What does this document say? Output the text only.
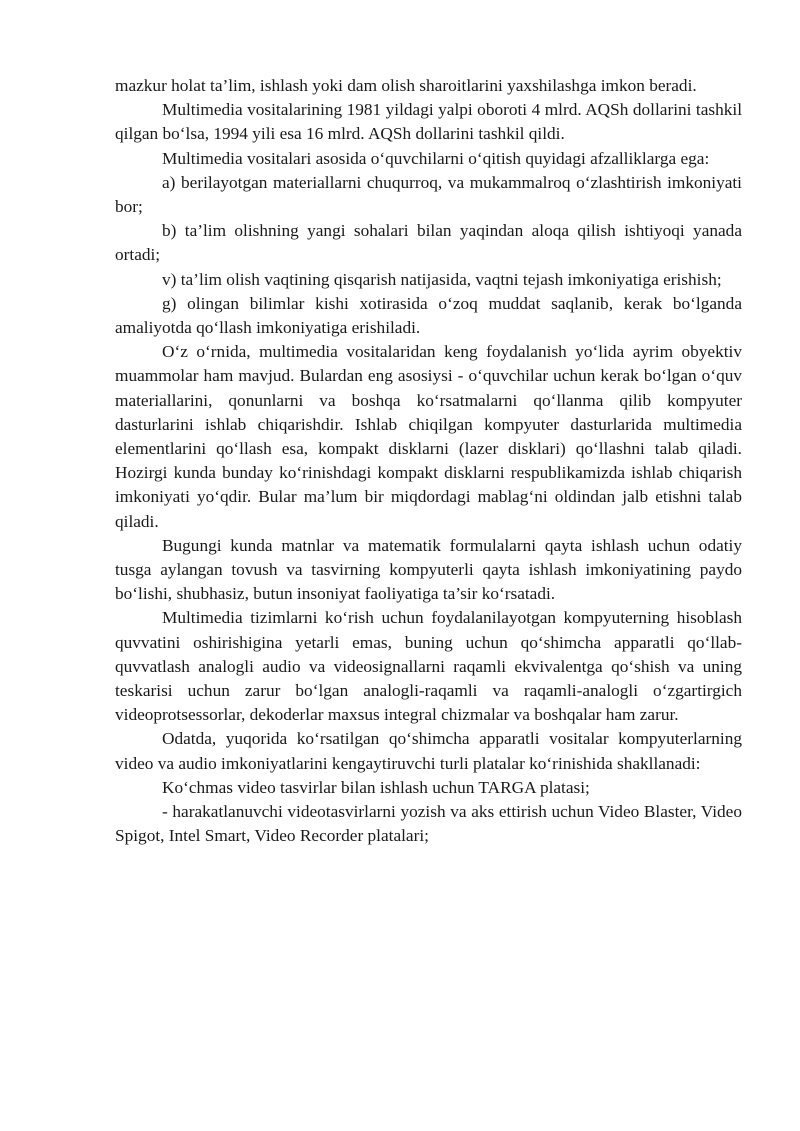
mazkur holat ta’lim, ishlash yoki dam olish sharoitlarini yaxshilashga imkon beradi.

Multimedia vositalarining 1981 yildagi yalpi oboroti 4 mlrd. AQSh dollarini tashkil qilgan bo‘lsa, 1994 yili esa 16 mlrd. AQSh dollarini tashkil qildi.

Multimedia vositalari asosida o‘quvchilarni o‘qitish quyidagi afzalliklarga ega:

a) berilayotgan materiallarni chuqurroq, va mukammalroq o‘zlashtirish imkoniyati bor;

b) ta’lim olishning yangi sohalari bilan yaqindan aloqa qilish ishtiyoqi yanada ortadi;

v) ta’lim olish vaqtining qisqarish natijasida, vaqtni tejash imkoniyatiga erishish;

g) olingan bilimlar kishi xotirasida o‘zoq muddat saqlanib, kerak bo‘lganda amaliyotda qo‘llash imkoniyatiga erishiladi.

O‘z o‘rnida, multimedia vositalaridan keng foydalanish yo‘lida ayrim obyektiv muammolar ham mavjud. Bulardan eng asosiysi - o‘quvchilar uchun kerak bo‘lgan o‘quv materiallarini, qonunlarni va boshqa ko‘rsatmalarni qo‘llanma qilib kompyuter dasturlarini ishlab chiqarishdir. Ishlab chiqilgan kompyuter dasturlarida multimedia elementlarini qo‘llash esa, kompakt disklarni (lazer disklari) qo‘llashni talab qiladi. Hozirgi kunda bunday ko‘rinishdagi kompakt disklarni respublikamizda ishlab chiqarish imkoniyati yo‘qdir. Bular ma’lum bir miqdordagi mablag‘ni oldindan jalb etishni talab qiladi.

Bugungi kunda matnlar va matematik formulalarni qayta ishlash uchun odatiy tusga aylangan tovush va tasvirning kompyuterli qayta ishlash imkoniyatining paydo bo‘lishi, shubhasiz, butun insoniyat faoliyatiga ta’sir ko‘rsatadi.

Multimedia tizimlarni ko‘rish uchun foydalanilayotgan kompyuterning hisoblash quvvatini oshirishigina yetarli emas, buning uchun qo‘shimcha apparatli qo‘llab-quvvatlash analogli audio va videosignallarni raqamli ekvivalentga qo‘shish va uning teskarisi uchun zarur bo‘lgan analogli-raqamli va raqamli-analogli o‘zgartirgich videoprotsessorlar, dekoderlar maxsus integral chizmalar va boshqalar ham zarur.

Odatda, yuqorida ko‘rsatilgan qo‘shimcha apparatli vositalar kompyuterlarning video va audio imkoniyatlarini kengaytiruvchi turli platalar ko‘rinishida shakllanadi:

Ko‘chmas video tasvirlar bilan ishlash uchun TARGA platasi;

- harakatlanuvchi videotasvirlarni yozish va aks ettirish uchun Video Blaster, Video Spigot, Intel Smart, Video Recorder platalari;
